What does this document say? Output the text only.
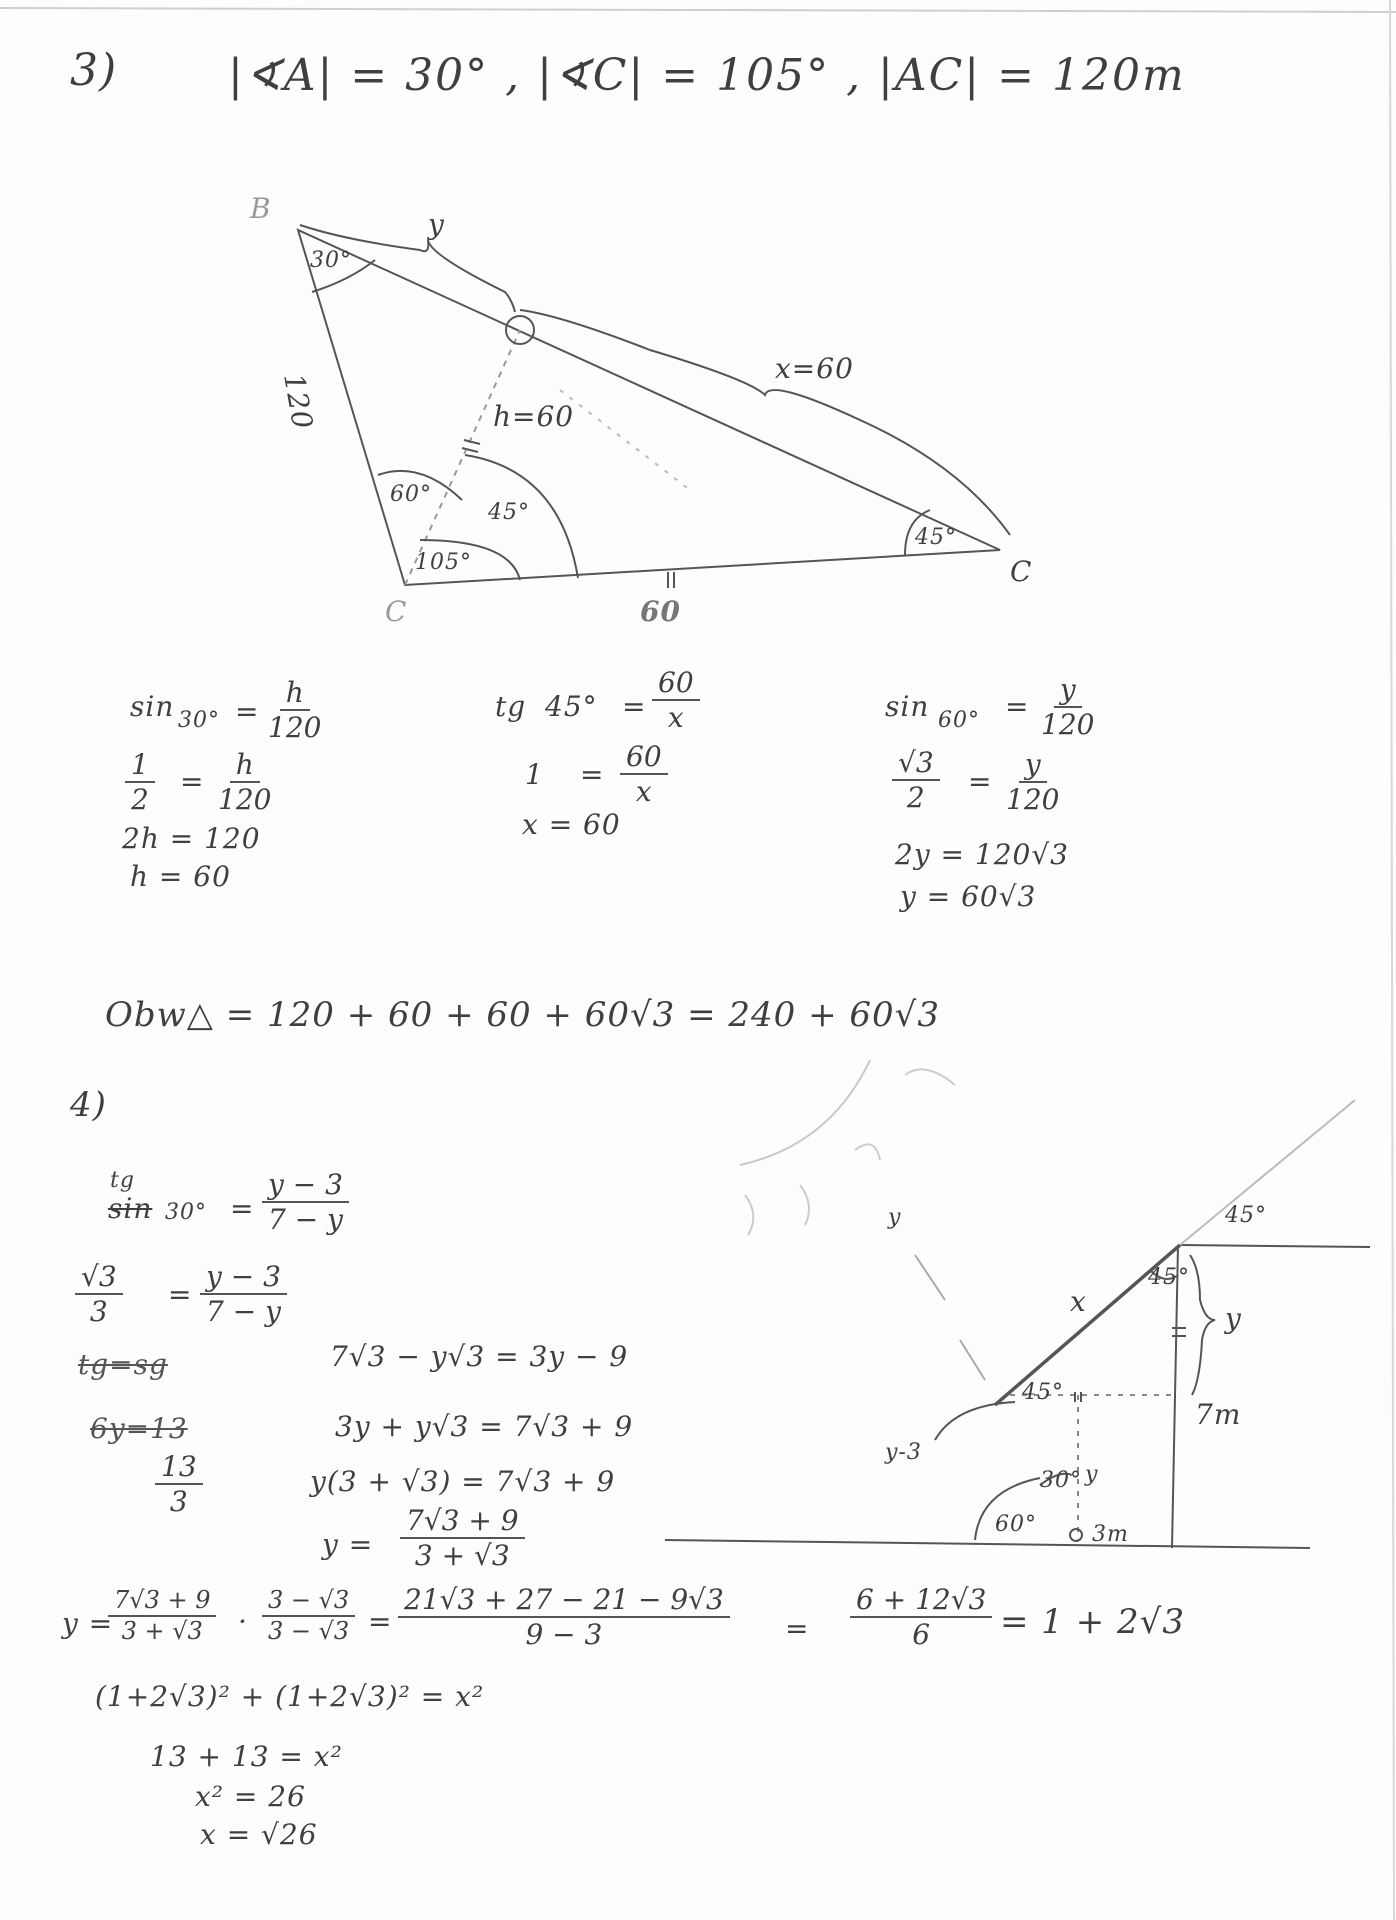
3)	|∢A| = 30° , |∢C| = 105° , |AC| = 120m
B
C
C
30°
60°
45°
105°
45°
120
y
x=60
h=60
60
$\sin 30^\circ = \frac{h}{120}$
$\frac{1}{2} = \frac{h}{120}$
2h = 120
h = 60
tg $45^\circ = \frac{60}{x}$
$1 = \frac{60}{x}$
x = 60
$\sin 60^\circ = \frac{y}{120}$
$\frac{√3}{2} = \frac{y}{120}$
2y = 120√3
y = 60√3
Obw△ = 120 + 60 + 60 + 60√3 = 240 + 60√3
4)
tg
$\sin 30^\circ = \frac{y - 3}{7 - y}$
$\frac{√3}{3} = \frac{y - 3}{7 - y}$
tg=sg	7√3 − y√3 = 3y − 9
6y=13	3y + y√3 = 7√3 + 9
$\frac{13}{3}$	y(3 + √3) = 7√3 + 9
$y = \frac{7√3 + 9}{3 + √3}$
y =
$\frac{7√3 + 9}{3 + √3} \cdot \frac{3 - √3}{3 - √3} = \frac{21√3 + 27 - 21 - 9√3}{9 - 3} = \frac{6 + 12√3}{6} = 1 + 2√3$
(1+2√3)² + (1+2√3)² = x²
13 + 13 = x²
x² = 26
x = √26
45°
45°
45°
30°
60°
x
y
y
7m
3m
y-3
y
